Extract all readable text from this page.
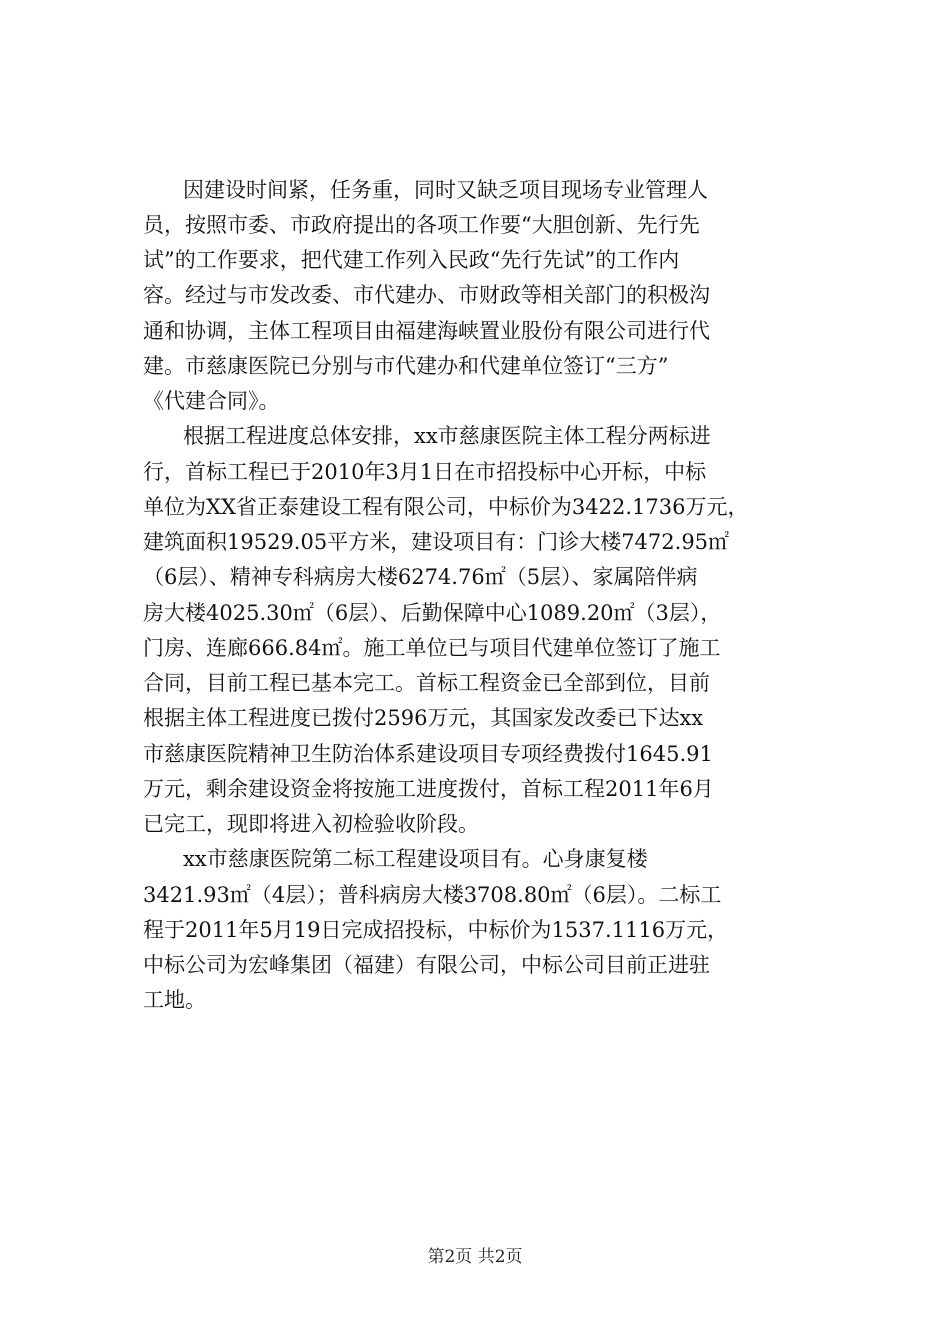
因建设时间紧，任务重，同时又缺乏项目现场专业管理人
员，按照市委、市政府提出的各项工作要“大胆创新、先行先
试”的工作要求，把代建工作列入民政“先行先试”的工作内
容。经过与市发改委、市代建办、市财政等相关部门的积极沟
通和协调，主体工程项目由福建海峡置业股份有限公司进行代
建。市慈康医院已分别与市代建办和代建单位签订“三方”
《代建合同》。
根据工程进度总体安排，xx市慈康医院主体工程分两标进
行，首标工程已于2010年3月1日在市招投标中心开标，中标
单位为XX省正泰建设工程有限公司，中标价为3422.1736万元，
建筑面积19529.05平方米，建设项目有：门诊大楼7472.95㎡
（6层）、精神专科病房大楼6274.76㎡（5层）、家属陪伴病
房大楼4025.30㎡（6层）、后勤保障中心1089.20㎡（3层），
门房、连廊666.84㎡。施工单位已与项目代建单位签订了施工
合同，目前工程已基本完工。首标工程资金已全部到位，目前
根据主体工程进度已拨付2596万元，其国家发改委已下达xx
市慈康医院精神卫生防治体系建设项目专项经费拨付1645.91
万元，剩余建设资金将按施工进度拨付，首标工程2011年6月
已完工，现即将进入初检验收阶段。
xx市慈康医院第二标工程建设项目有。心身康复楼
3421.93㎡（4层）；普科病房大楼3708.80㎡（6层）。二标工
程于2011年5月19日完成招投标，中标价为1537.1116万元，
中标公司为宏峰集团（福建）有限公司，中标公司目前正进驻
工地。
第2页 共2页
